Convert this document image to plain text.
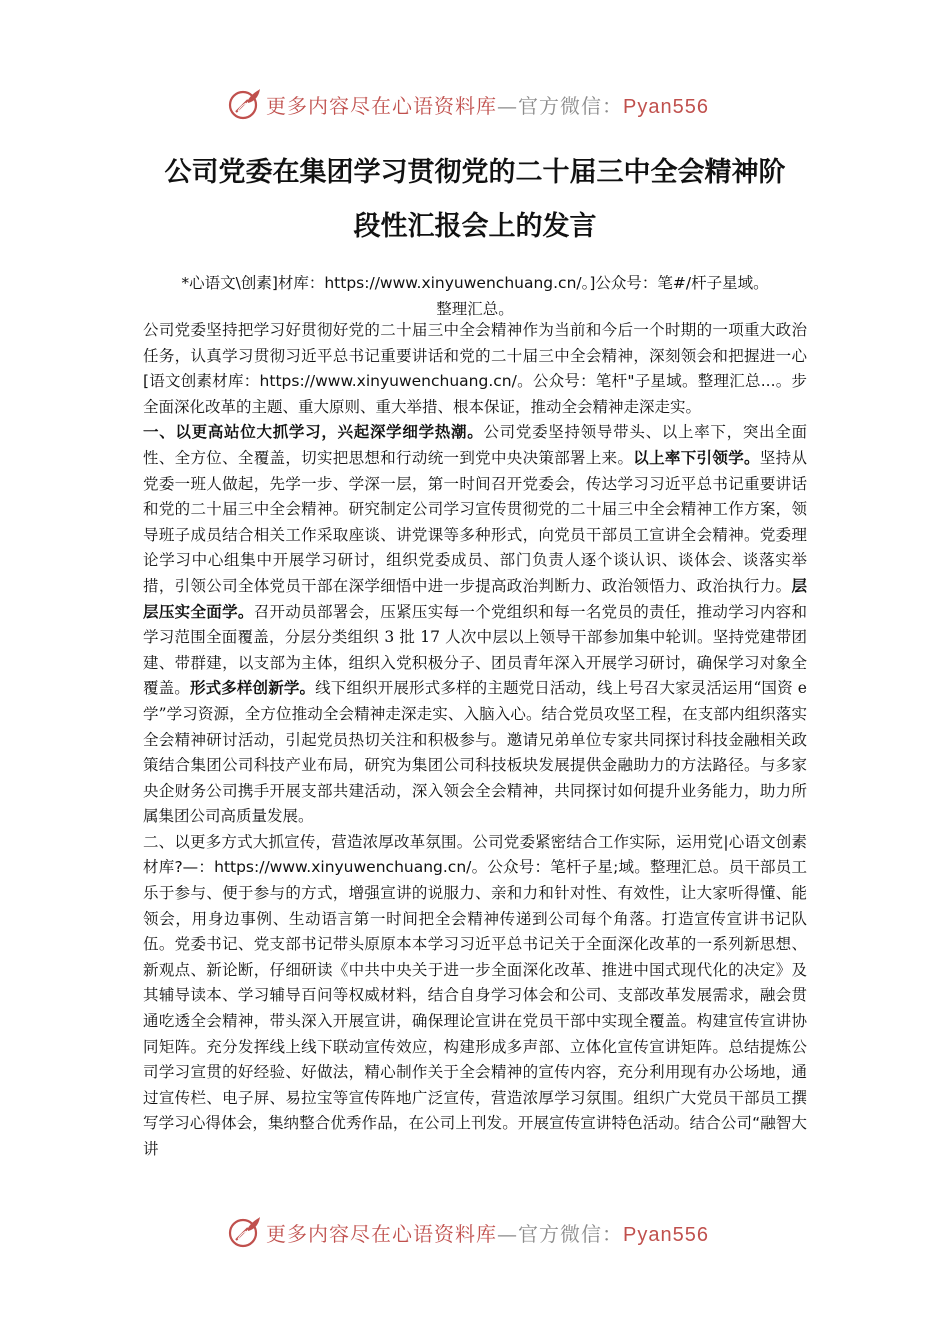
更多内容尽在心语资料库—官方微信：Pyan556
公司党委在集团学习贯彻党的二十届三中全会精神阶
段性汇报会上的发言
*心语文\创素]材库：https://www.xinyuwenchuang.cn/。]公众号：笔#/杆子星域。
整理汇总。

公司党委坚持把学习好贯彻好党的二十届三中全会精神作为当前和今后一个时期的一项重大政治任务，认真学习贯彻习近平总书记重要讲话和党的二十届三中全会精神，深刻领会和把握进一心[语文创素材库：https://www.xinyuwenchuang.cn/。公众号：笔杆"子星域。整理汇总...。步全面深化改革的主题、重大原则、重大举措、根本保证，推动全会精神走深走实。

一、以更高站位大抓学习，兴起深学细学热潮。公司党委坚持领导带头、以上率下，突出全面性、全方位、全覆盖，切实把思想和行动统一到党中央决策部署上来。以上率下引领学。坚持从党委一班人做起，先学一步、学深一层，第一时间召开党委会，传达学习习近平总书记重要讲话和党的二十届三中全会精神。研究制定公司学习宣传贯彻党的二十届三中全会精神工作方案，领导班子成员结合相关工作采取座谈、讲党课等多种形式，向党员干部员工宣讲全会精神。党委理论学习中心组集中开展学习研讨，组织党委成员、部门负责人逐个谈认识、谈体会、谈落实举措，引领公司全体党员干部在深学细悟中进一步提高政治判断力、政治领悟力、政治执行力。层层压实全面学。召开动员部署会，压紧压实每一个党组织和每一名党员的责任，推动学习内容和学习范围全面覆盖，分层分类组织 3 批 17 人次中层以上领导干部参加集中轮训。坚持党建带团建、带群建，以支部为主体，组织入党积极分子、团员青年深入开展学习研讨，确保学习对象全覆盖。形式多样创新学。线下组织开展形式多样的主题党日活动，线上号召大家灵活运用“国资 e 学”学习资源，全方位推动全会精神走深走实、入脑入心。结合党员攻坚工程，在支部内组织落实全会精神研讨活动，引起党员热切关注和积极参与。邀请兄弟单位专家共同探讨科技金融相关政策结合集团公司科技产业布局，研究为集团公司科技板块发展提供金融助力的方法路径。与多家央企财务公司携手开展支部共建活动，深入领会全会精神，共同探讨如何提升业务能力，助力所属集团公司高质量发展。

二、以更多方式大抓宣传，营造浓厚改革氛围。公司党委紧密结合工作实际，运用党|心语文创素材库?—：https://www.xinyuwenchuang.cn/。公众号：笔杆子星;域。整理汇总。员干部员工乐于参与、便于参与的方式，增强宣讲的说服力、亲和力和针对性、有效性，让大家听得懂、能领会，用身边事例、生动语言第一时间把全会精神传递到公司每个角落。打造宣传宣讲书记队伍。党委书记、党支部书记带头原原本本学习习近平总书记关于全面深化改革的一系列新思想、新观点、新论断，仔细研读《中共中央关于进一步全面深化改革、推进中国式现代化的决定》及其辅导读本、学习辅导百问等权威材料，结合自身学习体会和公司、支部改革发展需求，融会贯通吃透全会精神，带头深入开展宣讲，确保理论宣讲在党员干部中实现全覆盖。构建宣传宣讲协同矩阵。充分发挥线上线下联动宣传效应，构建形成多声部、立体化宣传宣讲矩阵。总结提炼公司学习宣贯的好经验、好做法，精心制作关于全会精神的宣传内容，充分利用现有办公场地，通过宣传栏、电子屏、易拉宝等宣传阵地广泛宣传，营造浓厚学习氛围。组织广大党员干部员工撰写学习心得体会，集纳整合优秀作品，在公司上刊发。开展宣传宣讲特色活动。结合公司“融智大讲

更多内容尽在心语资料库—官方微信：Pyan556
